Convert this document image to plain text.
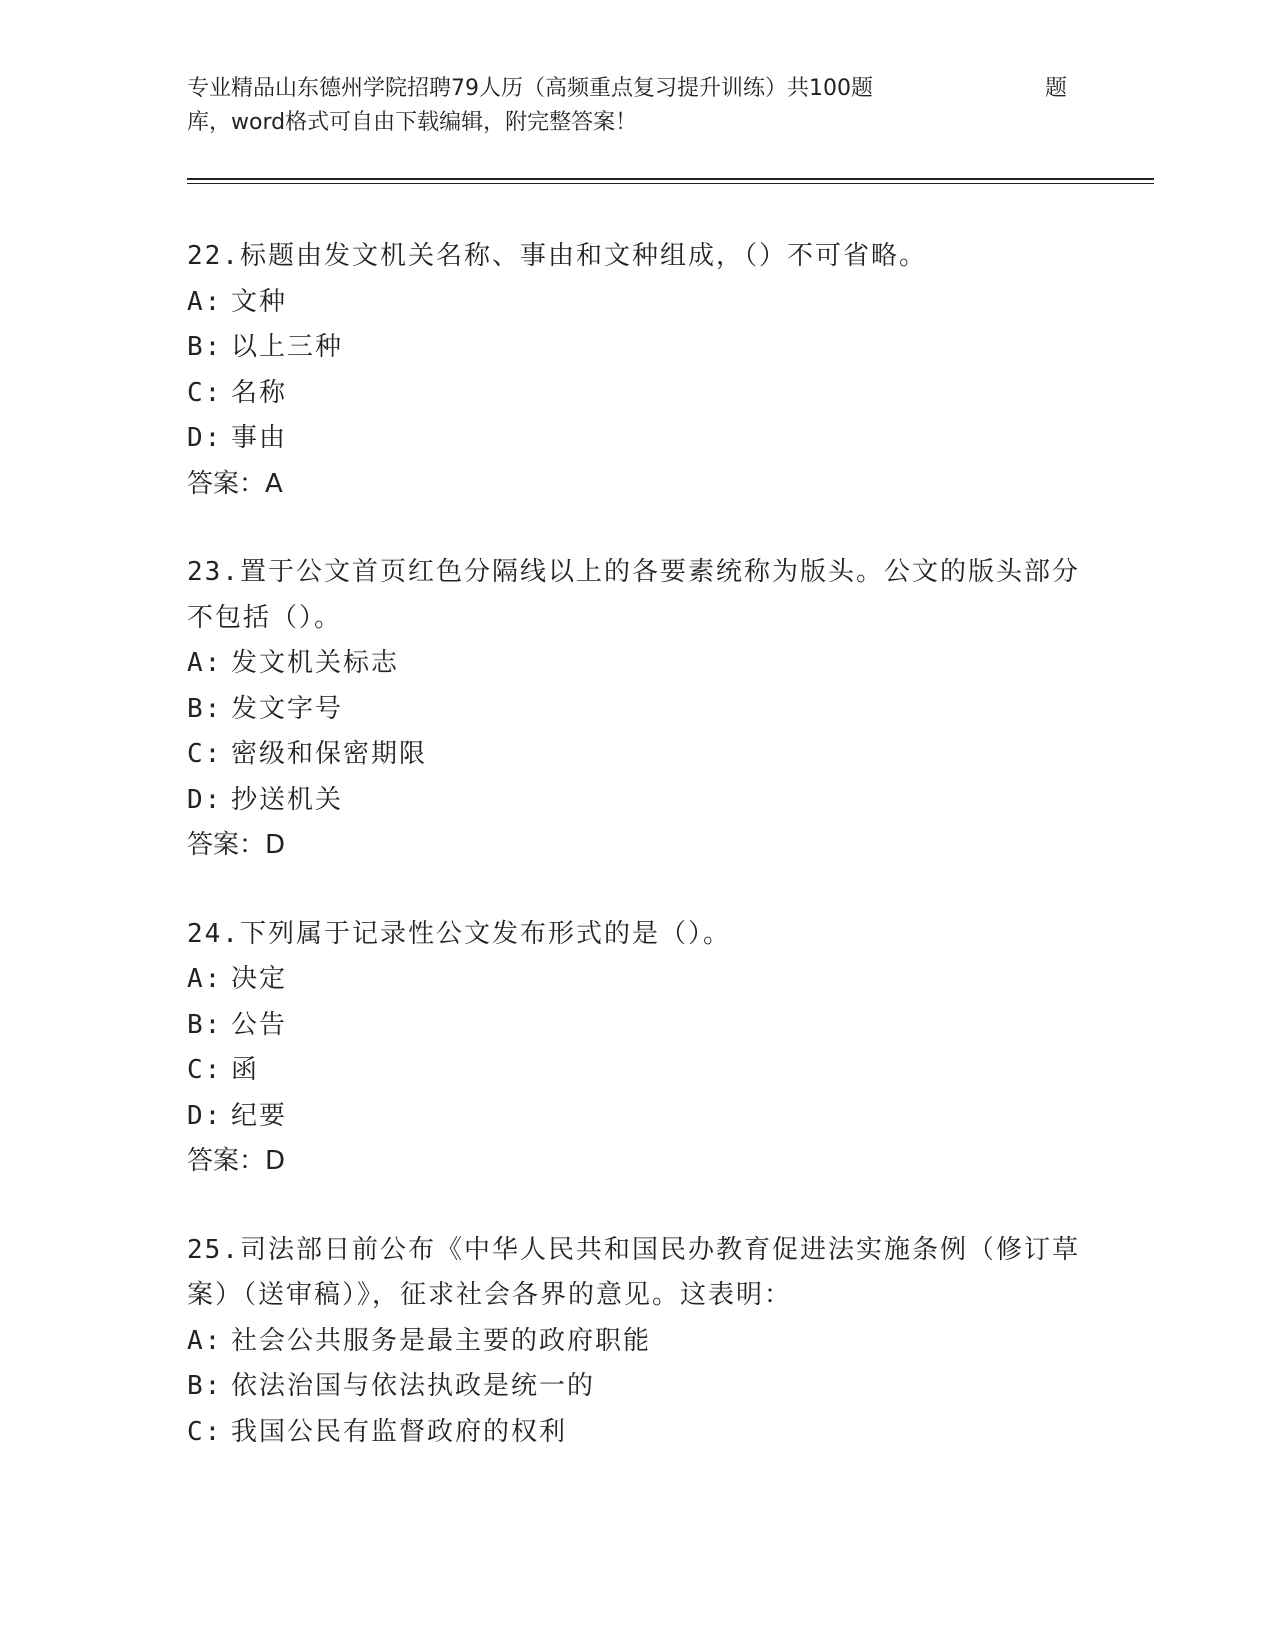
专业精品山东德州学院招聘79人历（高频重点复习提升训练）共100题	题
库，word格式可自由下载编辑，附完整答案！
22.标题由发文机关名称、事由和文种组成，（）不可省略。
A: 文种
B: 以上三种
C: 名称
D: 事由
答案：A
23.置于公文首页红色分隔线以上的各要素统称为版头。公文的版头部分不包括（）。
A: 发文机关标志
B: 发文字号
C: 密级和保密期限
D: 抄送机关
答案：D
24.下列属于记录性公文发布形式的是（）。
A: 决定
B: 公告
C: 函
D: 纪要
答案：D
25.司法部日前公布《中华人民共和国民办教育促进法实施条例（修订草案）（送审稿）》，征求社会各界的意见。这表明：
A: 社会公共服务是最主要的政府职能
B: 依法治国与依法执政是统一的
C: 我国公民有监督政府的权利
